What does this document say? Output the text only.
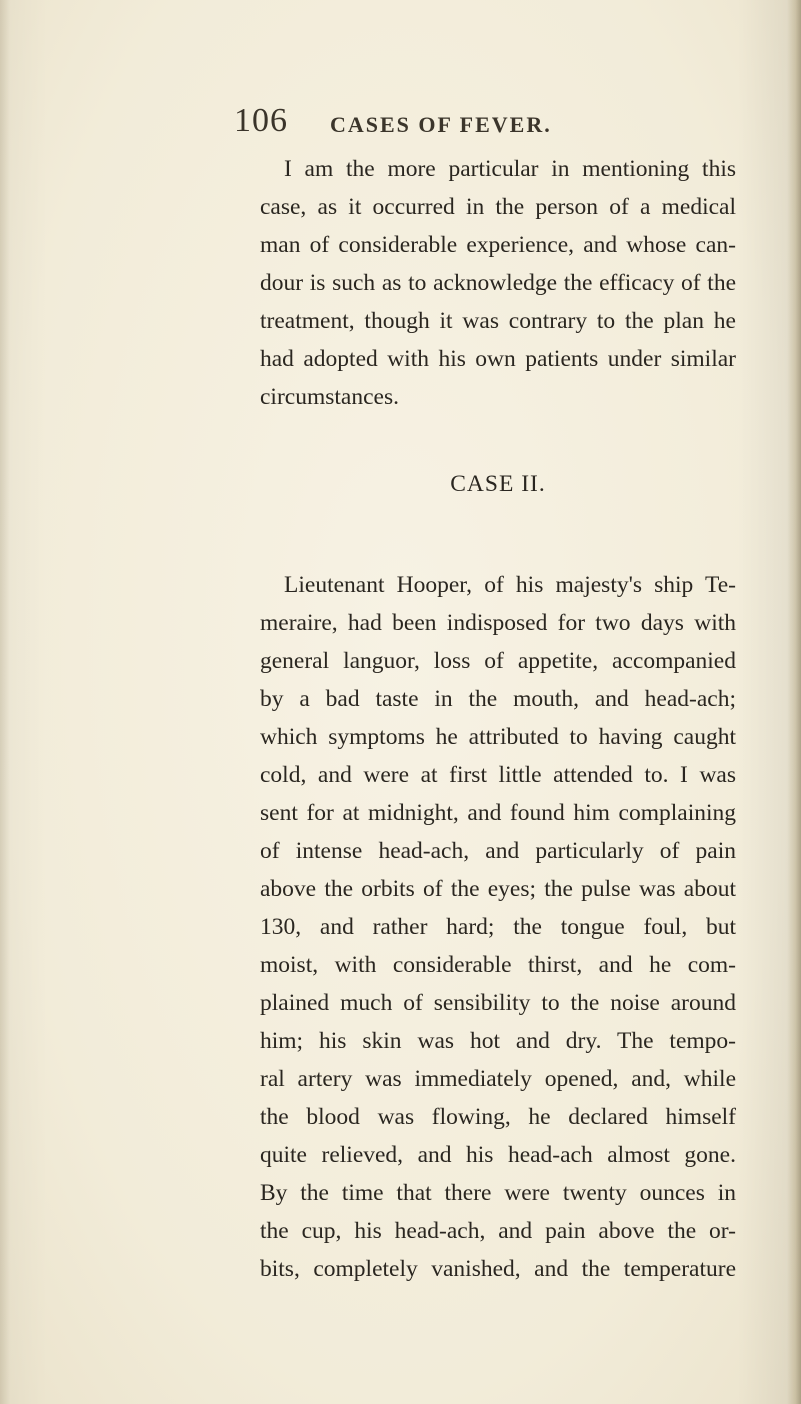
106 CASES OF FEVER.
I am the more particular in mentioning this
case, as it occurred in the person of a medical
man of considerable experience, and whose can-
dour is such as to acknowledge the efficacy of the
treatment, though it was contrary to the plan he
had adopted with his own patients under similar
circumstances.
CASE II.
Lieutenant Hooper, of his majesty's ship Te-
meraire, had been indisposed for two days with
general languor, loss of appetite, accompanied
by a bad taste in the mouth, and head-ach;
which symptoms he attributed to having caught
cold, and were at first little attended to. I was
sent for at midnight, and found him complaining
of intense head-ach, and particularly of pain
above the orbits of the eyes; the pulse was about
130, and rather hard; the tongue foul, but
moist, with considerable thirst, and he com-
plained much of sensibility to the noise around
him; his skin was hot and dry. The tempo-
ral artery was immediately opened, and, while
the blood was flowing, he declared himself
quite relieved, and his head-ach almost gone.
By the time that there were twenty ounces in
the cup, his head-ach, and pain above the or-
bits, completely vanished, and the temperature
